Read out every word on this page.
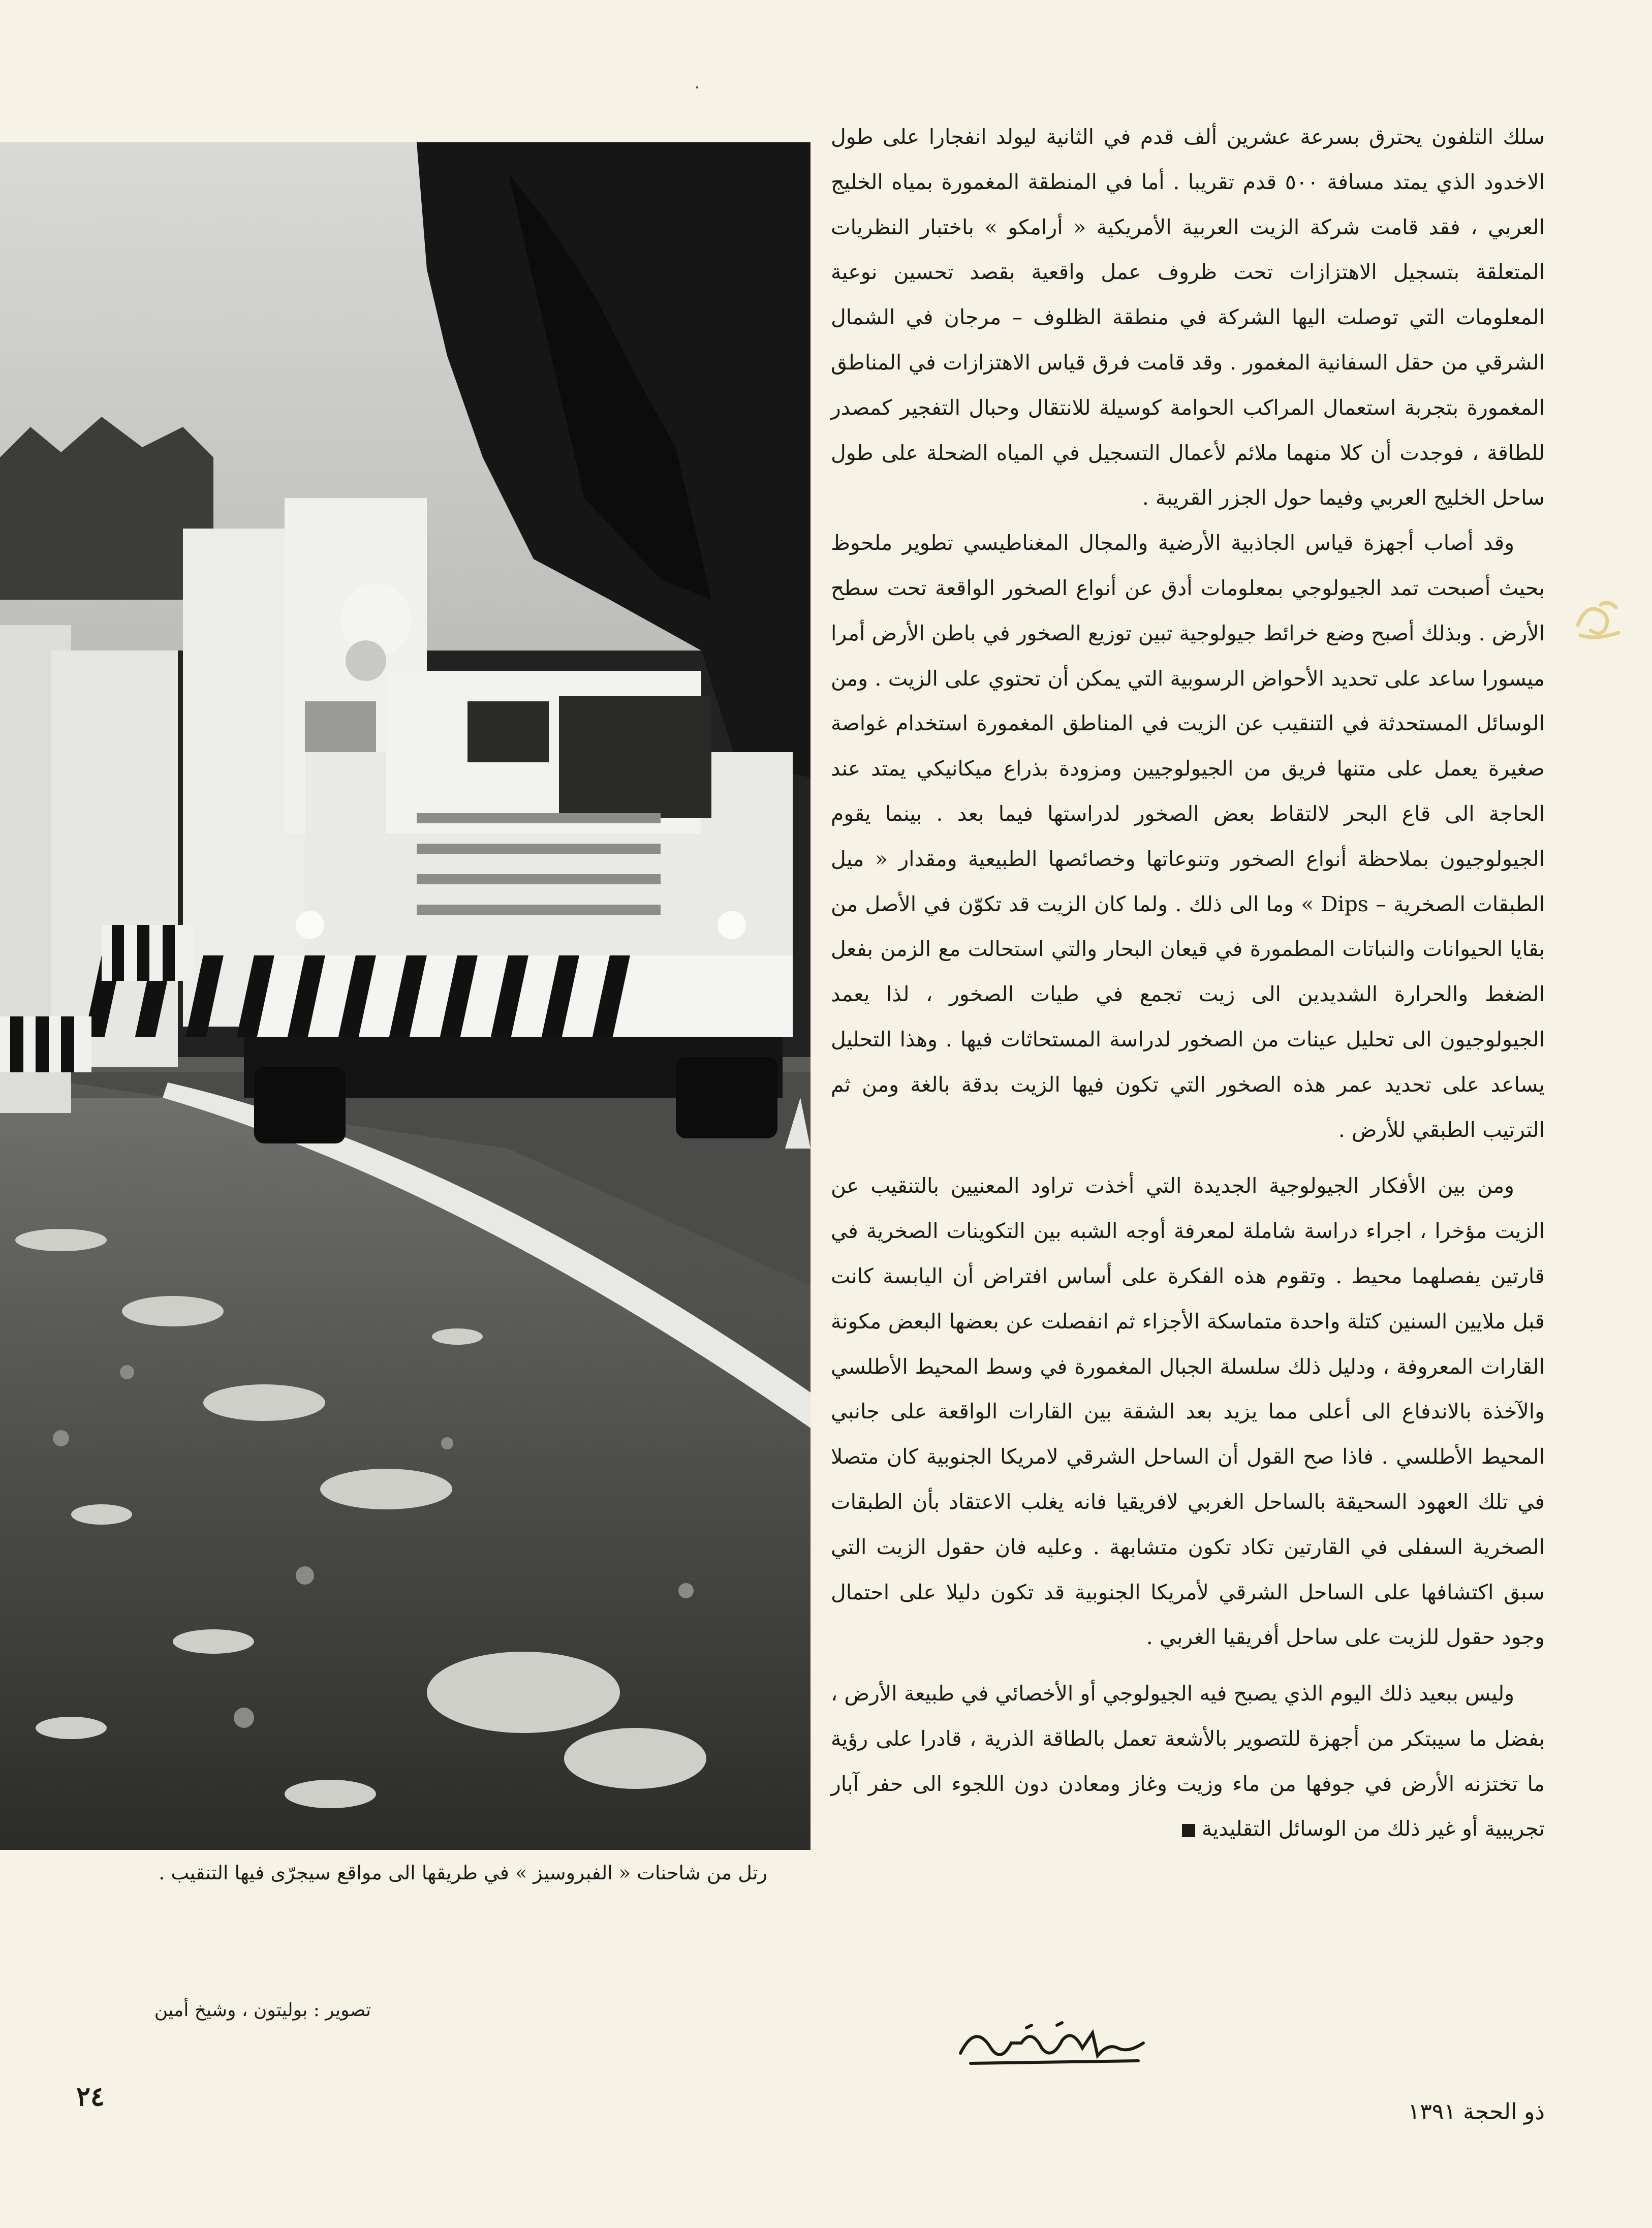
سلك التلفون يحترق بسرعة عشرين ألف قدم في الثانية ليولد انفجارا على طول الاخدود الذي يمتد مسافة ٥٠٠ قدم تقريبا . أما في المنطقة المغمورة بمياه الخليج العربي ، فقد قامت شركة الزيت العربية الأمريكية « أرامكو » باختبار النظريات المتعلقة بتسجيل الاهتزازات تحت ظروف عمل واقعية بقصد تحسين نوعية المعلومات التي توصلت اليها الشركة في منطقة الظلوف – مرجان في الشمال الشرقي من حقل السفانية المغمور . وقد قامت فرق قياس الاهتزازات في المناطق المغمورة بتجربة استعمال المراكب الحوامة كوسيلة للانتقال وحبال التفجير كمصدر للطاقة ، فوجدت أن كلا منهما ملائم لأعمال التسجيل في المياه الضحلة على طول ساحل الخليج العربي وفيما حول الجزر القريبة .

وقد أصاب أجهزة قياس الجاذبية الأرضية والمجال المغناطيسي تطوير ملحوظ بحيث أصبحت تمد الجيولوجي بمعلومات أدق عن أنواع الصخور الواقعة تحت سطح الأرض . وبذلك أصبح وضع خرائط جيولوجية تبين توزيع الصخور في باطن الأرض أمرا ميسورا ساعد على تحديد الأحواض الرسوبية التي يمكن أن تحتوي على الزيت . ومن الوسائل المستحدثة في التنقيب عن الزيت في المناطق المغمورة استخدام غواصة صغيرة يعمل على متنها فريق من الجيولوجيين ومزودة بذراع ميكانيكي يمتد عند الحاجة الى قاع البحر لالتقاط بعض الصخور لدراستها فيما بعد . بينما يقوم الجيولوجيون بملاحظة أنواع الصخور وتنوعاتها وخصائصها الطبيعية ومقدار « ميل الطبقات الصخرية – Dips » وما الى ذلك . ولما كان الزيت قد تكوّن في الأصل من بقايا الحيوانات والنباتات المطمورة في قيعان البحار والتي استحالت مع الزمن بفعل الضغط والحرارة الشديدين الى زيت تجمع في طيات الصخور ، لذا يعمد الجيولوجيون الى تحليل عينات من الصخور لدراسة المستحاثات فيها . وهذا التحليل يساعد على تحديد عمر هذه الصخور التي تكون فيها الزيت بدقة بالغة ومن ثم الترتيب الطبقي للأرض .

ومن بين الأفكار الجيولوجية الجديدة التي أخذت تراود المعنيين بالتنقيب عن الزيت مؤخرا ، اجراء دراسة شاملة لمعرفة أوجه الشبه بين التكوينات الصخرية في قارتين يفصلهما محيط . وتقوم هذه الفكرة على أساس افتراض أن اليابسة كانت قبل ملايين السنين كتلة واحدة متماسكة الأجزاء ثم انفصلت عن بعضها البعض مكونة القارات المعروفة ، ودليل ذلك سلسلة الجبال المغمورة في وسط المحيط الأطلسي والآخذة بالاندفاع الى أعلى مما يزيد بعد الشقة بين القارات الواقعة على جانبي المحيط الأطلسي . فاذا صح القول أن الساحل الشرقي لامريكا الجنوبية كان متصلا في تلك العهود السحيقة بالساحل الغربي لافريقيا فانه يغلب الاعتقاد بأن الطبقات الصخرية السفلى في القارتين تكاد تكون متشابهة . وعليه فان حقول الزيت التي سبق اكتشافها على الساحل الشرقي لأمريكا الجنوبية قد تكون دليلا على احتمال وجود حقول للزيت على ساحل أفريقيا الغربي .

وليس ببعيد ذلك اليوم الذي يصبح فيه الجيولوجي أو الأخصائي في طبيعة الأرض ، بفضل ما سيبتكر من أجهزة للتصوير بالأشعة تعمل بالطاقة الذرية ، قادرا على رؤية ما تختزنه الأرض في جوفها من ماء وزيت وغاز ومعادن دون اللجوء الى حفر آبار تجريبية أو غير ذلك من الوسائل التقليدية

رتل من شاحنات « الفبروسيز » في طريقها الى مواقع سيجرّى فيها التنقيب .
تصوير : بوليتون ، وشيخ أمين
٢٤	ذو الحجة ١٣٩١
